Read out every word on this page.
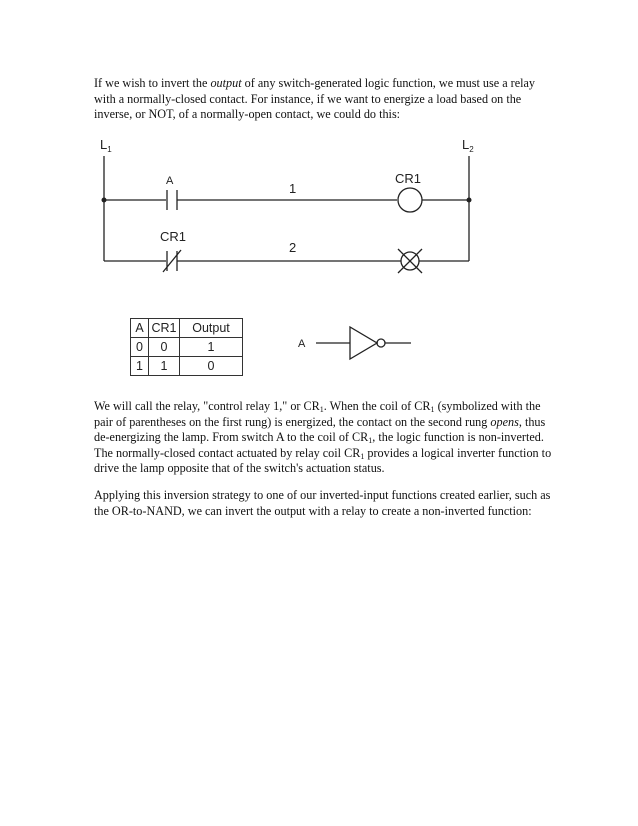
If we wish to invert the output of any switch-generated logic function, we must use a relay with a normally-closed contact. For instance, if we want to energize a load based on the inverse, or NOT, of a normally-open contact, we could do this:

$L_1$	$L_2$
A	1
CR1
CR1
2
A	CR1	Output
0	0	1
1	1	0
A

We will call the relay, "control relay 1," or $CR_1$. When the coil of $CR_1$ (symbolized with the pair of parentheses on the first rung) is energized, the contact on the second rung opens, thus de-energizing the lamp. From switch A to the coil of $CR_1$, the logic function is non-inverted. The normally-closed contact actuated by relay coil $CR_1$ provides a logical inverter function to drive the lamp opposite that of the switch's actuation status.

Applying this inversion strategy to one of our inverted-input functions created earlier, such as the OR-to-NAND, we can invert the output with a relay to create a non-inverted function:
